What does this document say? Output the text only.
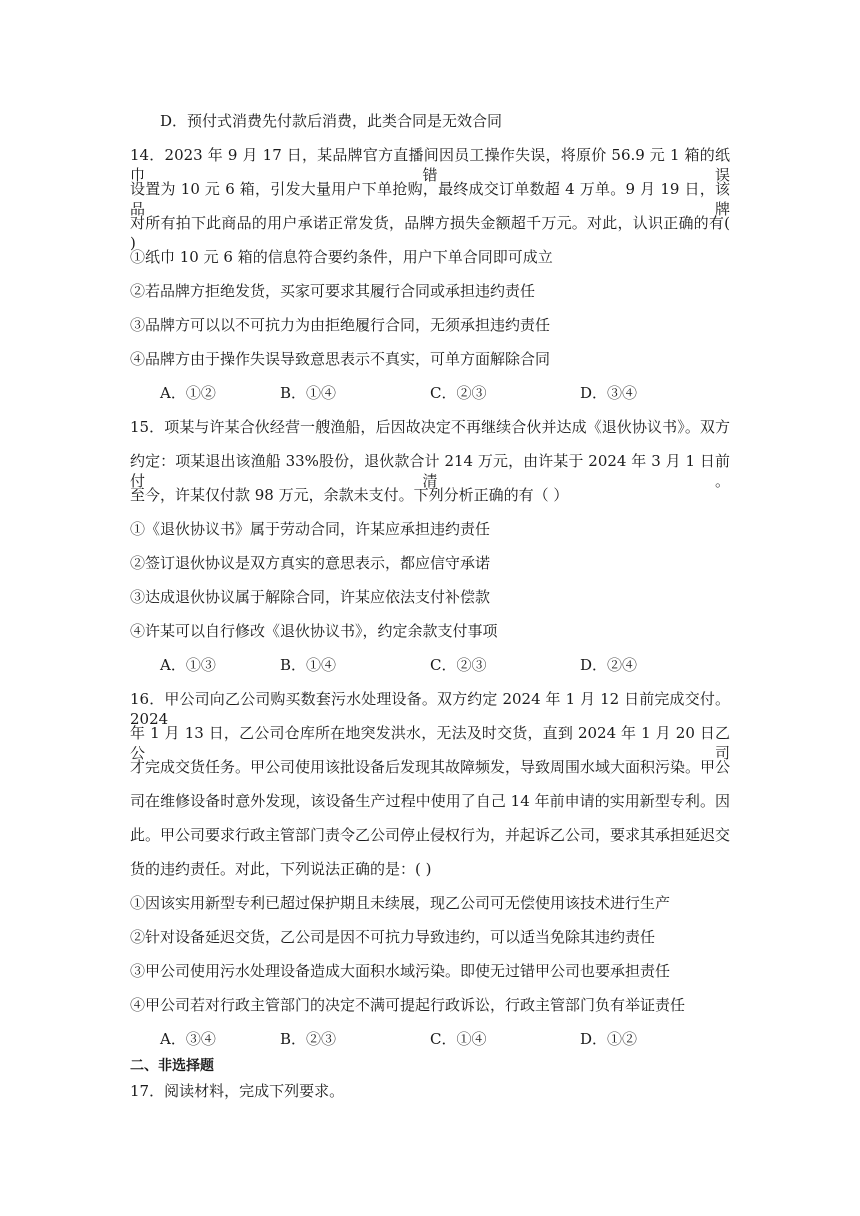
D．预付式消费先付款后消费，此类合同是无效合同
14．2023 年 9 月 17 日，某品牌官方直播间因员工操作失误，将原价 56.9 元 1 箱的纸巾错误
设置为 10 元 6 箱，引发大量用户下单抢购，最终成交订单数超 4 万单。9 月 19 日，该品牌
对所有拍下此商品的用户承诺正常发货，品牌方损失金额超千万元。对此，认识正确的有( )
①纸巾 10 元 6 箱的信息符合要约条件，用户下单合同即可成立
②若品牌方拒绝发货，买家可要求其履行合同或承担违约责任
③品牌方可以以不可抗力为由拒绝履行合同，无须承担违约责任
④品牌方由于操作失误导致意思表示不真实，可单方面解除合同
A．①②	B．①④	C．②③	D．③④
15．项某与许某合伙经营一艘渔船，后因故决定不再继续合伙并达成《退伙协议书》。双方
约定：项某退出该渔船 33%股份，退伙款合计 214 万元，由许某于 2024 年 3 月 1 日前付清。
至今，许某仅付款 98 万元，余款未支付。下列分析正确的有（ ）
①《退伙协议书》属于劳动合同，许某应承担违约责任
②签订退伙协议是双方真实的意思表示，都应信守承诺
③达成退伙协议属于解除合同，许某应依法支付补偿款
④许某可以自行修改《退伙协议书》，约定余款支付事项
A．①③	B．①④	C．②③	D．②④
16．甲公司向乙公司购买数套污水处理设备。双方约定 2024 年 1 月 12 日前完成交付。2024
年 1 月 13 日，乙公司仓库所在地突发洪水，无法及时交货，直到 2024 年 1 月 20 日乙公司
才完成交货任务。甲公司使用该批设备后发现其故障频发，导致周围水域大面积污染。甲公
司在维修设备时意外发现，该设备生产过程中使用了自己 14 年前申请的实用新型专利。因
此。甲公司要求行政主管部门责令乙公司停止侵权行为，并起诉乙公司，要求其承担延迟交
货的违约责任。对此，下列说法正确的是：( )
①因该实用新型专利已超过保护期且未续展，现乙公司可无偿使用该技术进行生产
②针对设备延迟交货，乙公司是因不可抗力导致违约，可以适当免除其违约责任
③甲公司使用污水处理设备造成大面积水域污染。即使无过错甲公司也要承担责任
④甲公司若对行政主管部门的决定不满可提起行政诉讼，行政主管部门负有举证责任
A．③④	B．②③	C．①④	D．①②
二、非选择题
17．阅读材料，完成下列要求。
